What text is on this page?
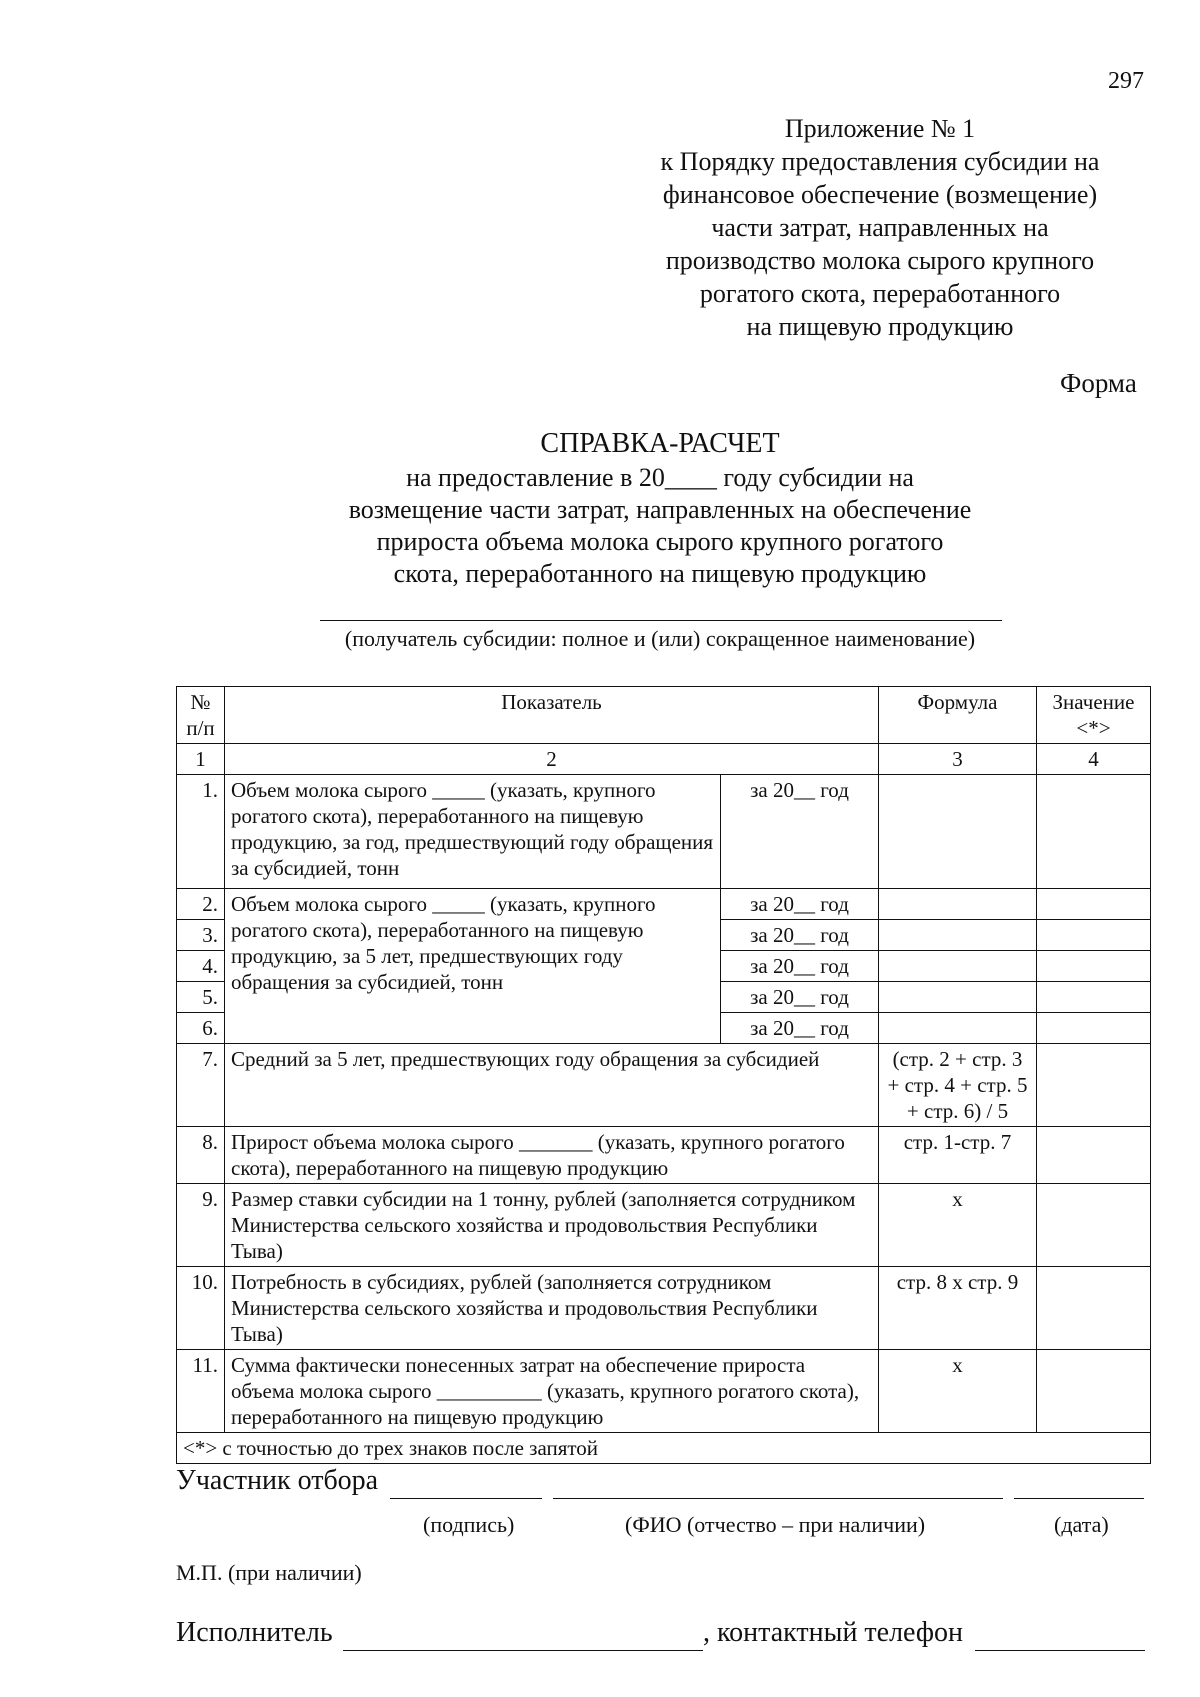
297
Приложение № 1
к Порядку предоставления субсидии на
финансовое обеспечение (возмещение)
части затрат, направленных на
производство молока сырого крупного
рогатого скота, переработанного
на пищевую продукцию
Форма
СПРАВКА-РАСЧЕТ
на предоставление в 20____ году субсидии на
возмещение части затрат, направленных на обеспечение
прироста объема молока сырого крупного рогатого
скота, переработанного на пищевую продукцию
(получатель субсидии: полное и (или) сокращенное наименование)
№ п/п	Показатель		Формула	Значение <*>
1	2		3	4
1.	Объем молока сырого _____ (указать, крупного рогатого скота), переработанного на пищевую продукцию, за год, предшествующий году обращения за субсидией, тонн	за 20__ год		
2.	Объем молока сырого _____ (указать, крупного рогатого скота), переработанного на пищевую продукцию, за 5 лет, предшествующих году обращения за субсидией, тонн	за 20__ год		
3.		за 20__ год		
4.		за 20__ год		
5.		за 20__ год		
6.		за 20__ год		
7.	Средний за 5 лет, предшествующих году обращения за субсидией		(стр. 2 + стр. 3 + стр. 4 + стр. 5 + стр. 6) / 5	
8.	Прирост объема молока сырого _______ (указать, крупного рогатого скота), переработанного на пищевую продукцию		стр. 1-стр. 7	
9.	Размер ставки субсидии на 1 тонну, рублей (заполняется сотрудником Министерства сельского хозяйства и продовольствия Республики Тыва)		х	
10.	Потребность в субсидиях, рублей (заполняется сотрудником Министерства сельского хозяйства и продовольствия Республики Тыва)		стр. 8 х стр. 9	
11.	Сумма фактически понесенных затрат на обеспечение прироста объема молока сырого __________ (указать, крупного рогатого скота), переработанного на пищевую продукцию		х	
<*> с точностью до трех знаков после запятой				
Участник отбора
(подпись)	(ФИО (отчество – при наличии)	(дата)
М.П. (при наличии)
Исполнитель	, контактный телефон
